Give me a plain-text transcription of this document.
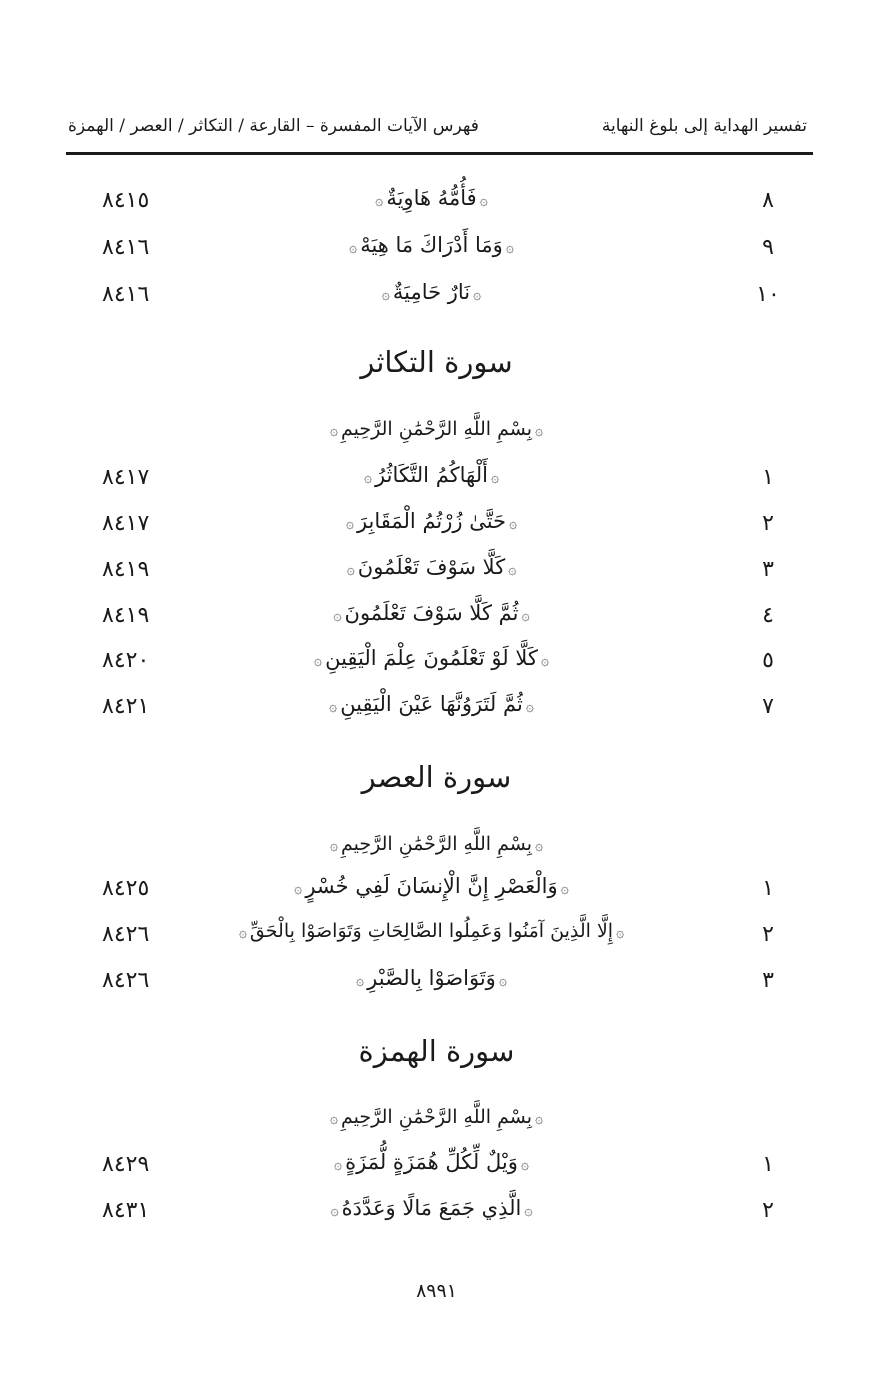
تفسير الهداية إلى بلوغ النهاية
فهرس الآيات المفسرة – القارعة / التكاثر / العصر / الهمزة
٨
۞فَأُمُّهُ هَاوِيَةٌ۞
٨٤١٥
٩
۞وَمَا أَدْرَاكَ مَا هِيَهْ۞
٨٤١٦
١٠
۞نَارٌ حَامِيَةٌ۞
٨٤١٦
سورة التكاثر
۞بِسْمِ اللَّهِ الرَّحْمَٰنِ الرَّحِيمِ۞
١
۞أَلْهَاكُمُ التَّكَاثُرُ۞
٨٤١٧
٢
۞حَتَّىٰ زُرْتُمُ الْمَقَابِرَ۞
٨٤١٧
٣
۞كَلَّا سَوْفَ تَعْلَمُونَ۞
٨٤١٩
٤
۞ثُمَّ كَلَّا سَوْفَ تَعْلَمُونَ۞
٨٤١٩
٥
۞كَلَّا لَوْ تَعْلَمُونَ عِلْمَ الْيَقِينِ۞
٨٤٢٠
٧
۞ثُمَّ لَتَرَوُنَّهَا عَيْنَ الْيَقِينِ۞
٨٤٢١
سورة العصر
۞بِسْمِ اللَّهِ الرَّحْمَٰنِ الرَّحِيمِ۞
١
۞وَالْعَصْرِ إِنَّ الْإِنسَانَ لَفِي خُسْرٍ۞
٨٤٢٥
٢
۞إِلَّا الَّذِينَ آمَنُوا وَعَمِلُوا الصَّالِحَاتِ وَتَوَاصَوْا بِالْحَقِّ۞
٨٤٢٦
٣
۞وَتَوَاصَوْا بِالصَّبْرِ۞
٨٤٢٦
سورة الهمزة
۞بِسْمِ اللَّهِ الرَّحْمَٰنِ الرَّحِيمِ۞
١
۞وَيْلٌ لِّكُلِّ هُمَزَةٍ لُّمَزَةٍ۞
٨٤٢٩
٢
۞الَّذِي جَمَعَ مَالًا وَعَدَّدَهُ۞
٨٤٣١
٨٩٩١
